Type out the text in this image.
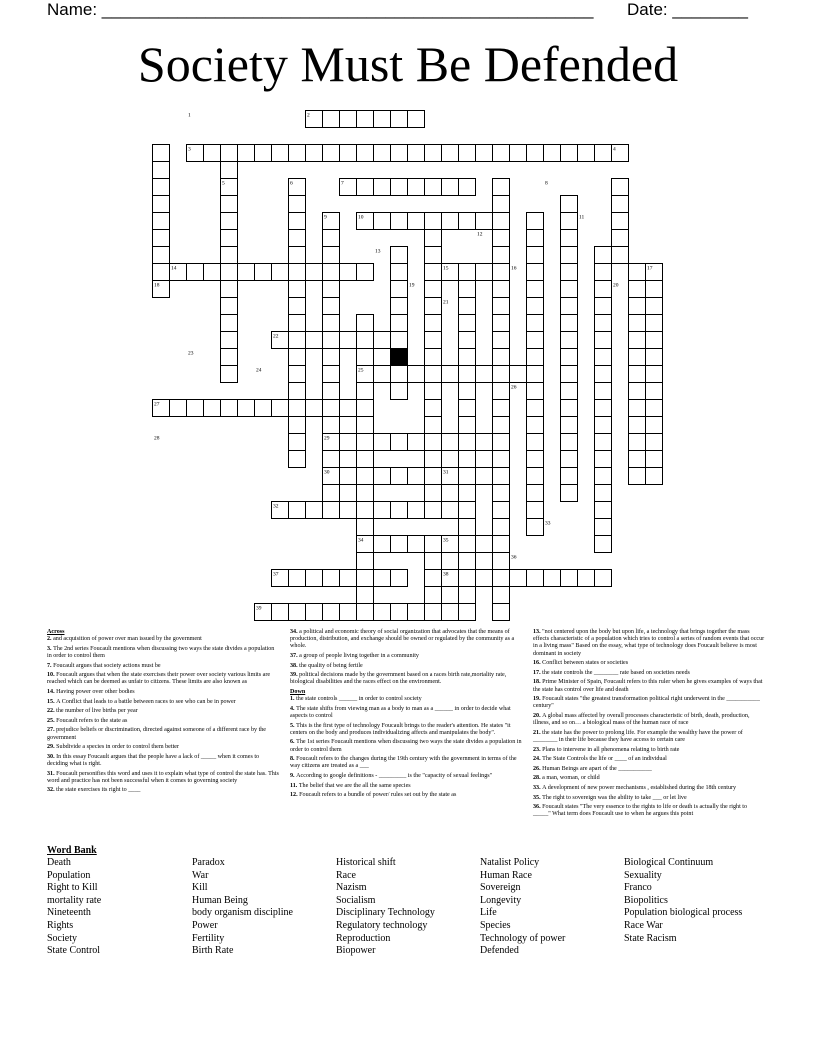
Name: ____________________________________________________ Date: ________
Society Must Be Defended
1	2
3	4
5	6	7	8
9	10	11
12
13
14	15	16	17
18	19	20
21
22
23
24	25
26
27
28	29
30	31
32
33
34	35
36
37	38
39
Across
2. and acquisition of power over man issued by the government
3. The 2nd series Foucault mentions when discussing two ways the state divides a population in order to control them
7. Foucault argues that society actions must be
10. Foucault argues that when the state exercises their power over society various limits are reached which can be deemed as unfair to citizens. These limits are also known as
14. Having power over other bodies
15. A Conflict that leads to a battle between races to see who can be in power
22. the number of live births per year
25. Foucault refers to the state as
27. prejudice beliefs or discrimination, directed against someone of a different race by the government
29. Subdivide a species in order to control them better
30. In this essay Foucault argues that the people have a lack of _____ when it comes to deciding what is right.
31. Foucault personifies this word and uses it to explain what type of control the state has. This word and practice has not been successful when it comes to governing society
32. the state exercises its right to ____
34. a political and economic theory of social organization that advocates that the means of production, distribution, and exchange should be owned or regulated by the community as a whole.
37. a group of people living together in a community
38. the quality of being fertile
39. political decisions made by the government based on a races birth rate,mortality rate, biological disabilities and the races effect on the environment.
Down
1. the state controls ______ in order to control society
4. The state shifts from viewing man as a body to man as a ______ in order to decide what aspects to control
5. This is the first type of technology Foucault brings to the reader's attention. He states "it centers on the body and produces individualizing affects and manipulates the body".
6. The 1st series Foucault mentions when discussing two ways the state divides a population in order to control them
8. Foucault refers to the changes during the 19th century with the government in terms of the way citizens are treated as a ___
9. According to google definitions - _________ is the "capacity of sexual feelings"
11. The belief that we are the all the same species
12. Foucault refers to a bundle of power/ rules set out by the state as
13. "not centered upon the body but upon life, a technology that brings together the mass effects characteristic of a population which tries to control a series of random events that occur in a living mass" Based on the essay, what type of technology does Foucault believe is most dominant in society
16. Conflict between states or societies
17. the state controls the ________ rate based on societies needs
18. Prime Minister of Spain, Foucault refers to this ruler when he gives examples of ways that the state has control over life and death
19. Foucault states "the greatest transformation political right underwent in the ___________ century"
20. A global mass affected by overall processes characteristic of birth, death, production, illness, and so on… a biological mass of the human race of race
21. the state has the power to prolong life. For example the wealthy have the power of ________ in their life because they have access to certain care
23. Plans to intervene in all phenomena relating to birth rate
24. The State Controls the life or ____ of an individual
26. Human Beings are apart of the ___________
28. a man, woman, or child
33. A development of new power mechanisms , established during the 18th century
35. The right to sovereign was the ability to take ___ or let live
36. Foucault states "The very essence to the rights to life or death is actually the right to _____" What term does Foucault use to when he argues this point
Word Bank
Death
Population
Right to Kill
mortality rate
Nineteenth
Rights
Society
State Control
Paradox
War
Kill
Human Being
body organism discipline
Power
Fertility
Birth Rate
Historical shift
Race
Nazism
Socialism
Disciplinary Technology
Regulatory technology
Reproduction
Biopower
Natalist Policy
Human Race
Sovereign
Longevity
Life
Species
Technology of power
Defended
Biological Continuum
Sexuality
Franco
Biopolitics
Population biological process
Race War
State Racism
